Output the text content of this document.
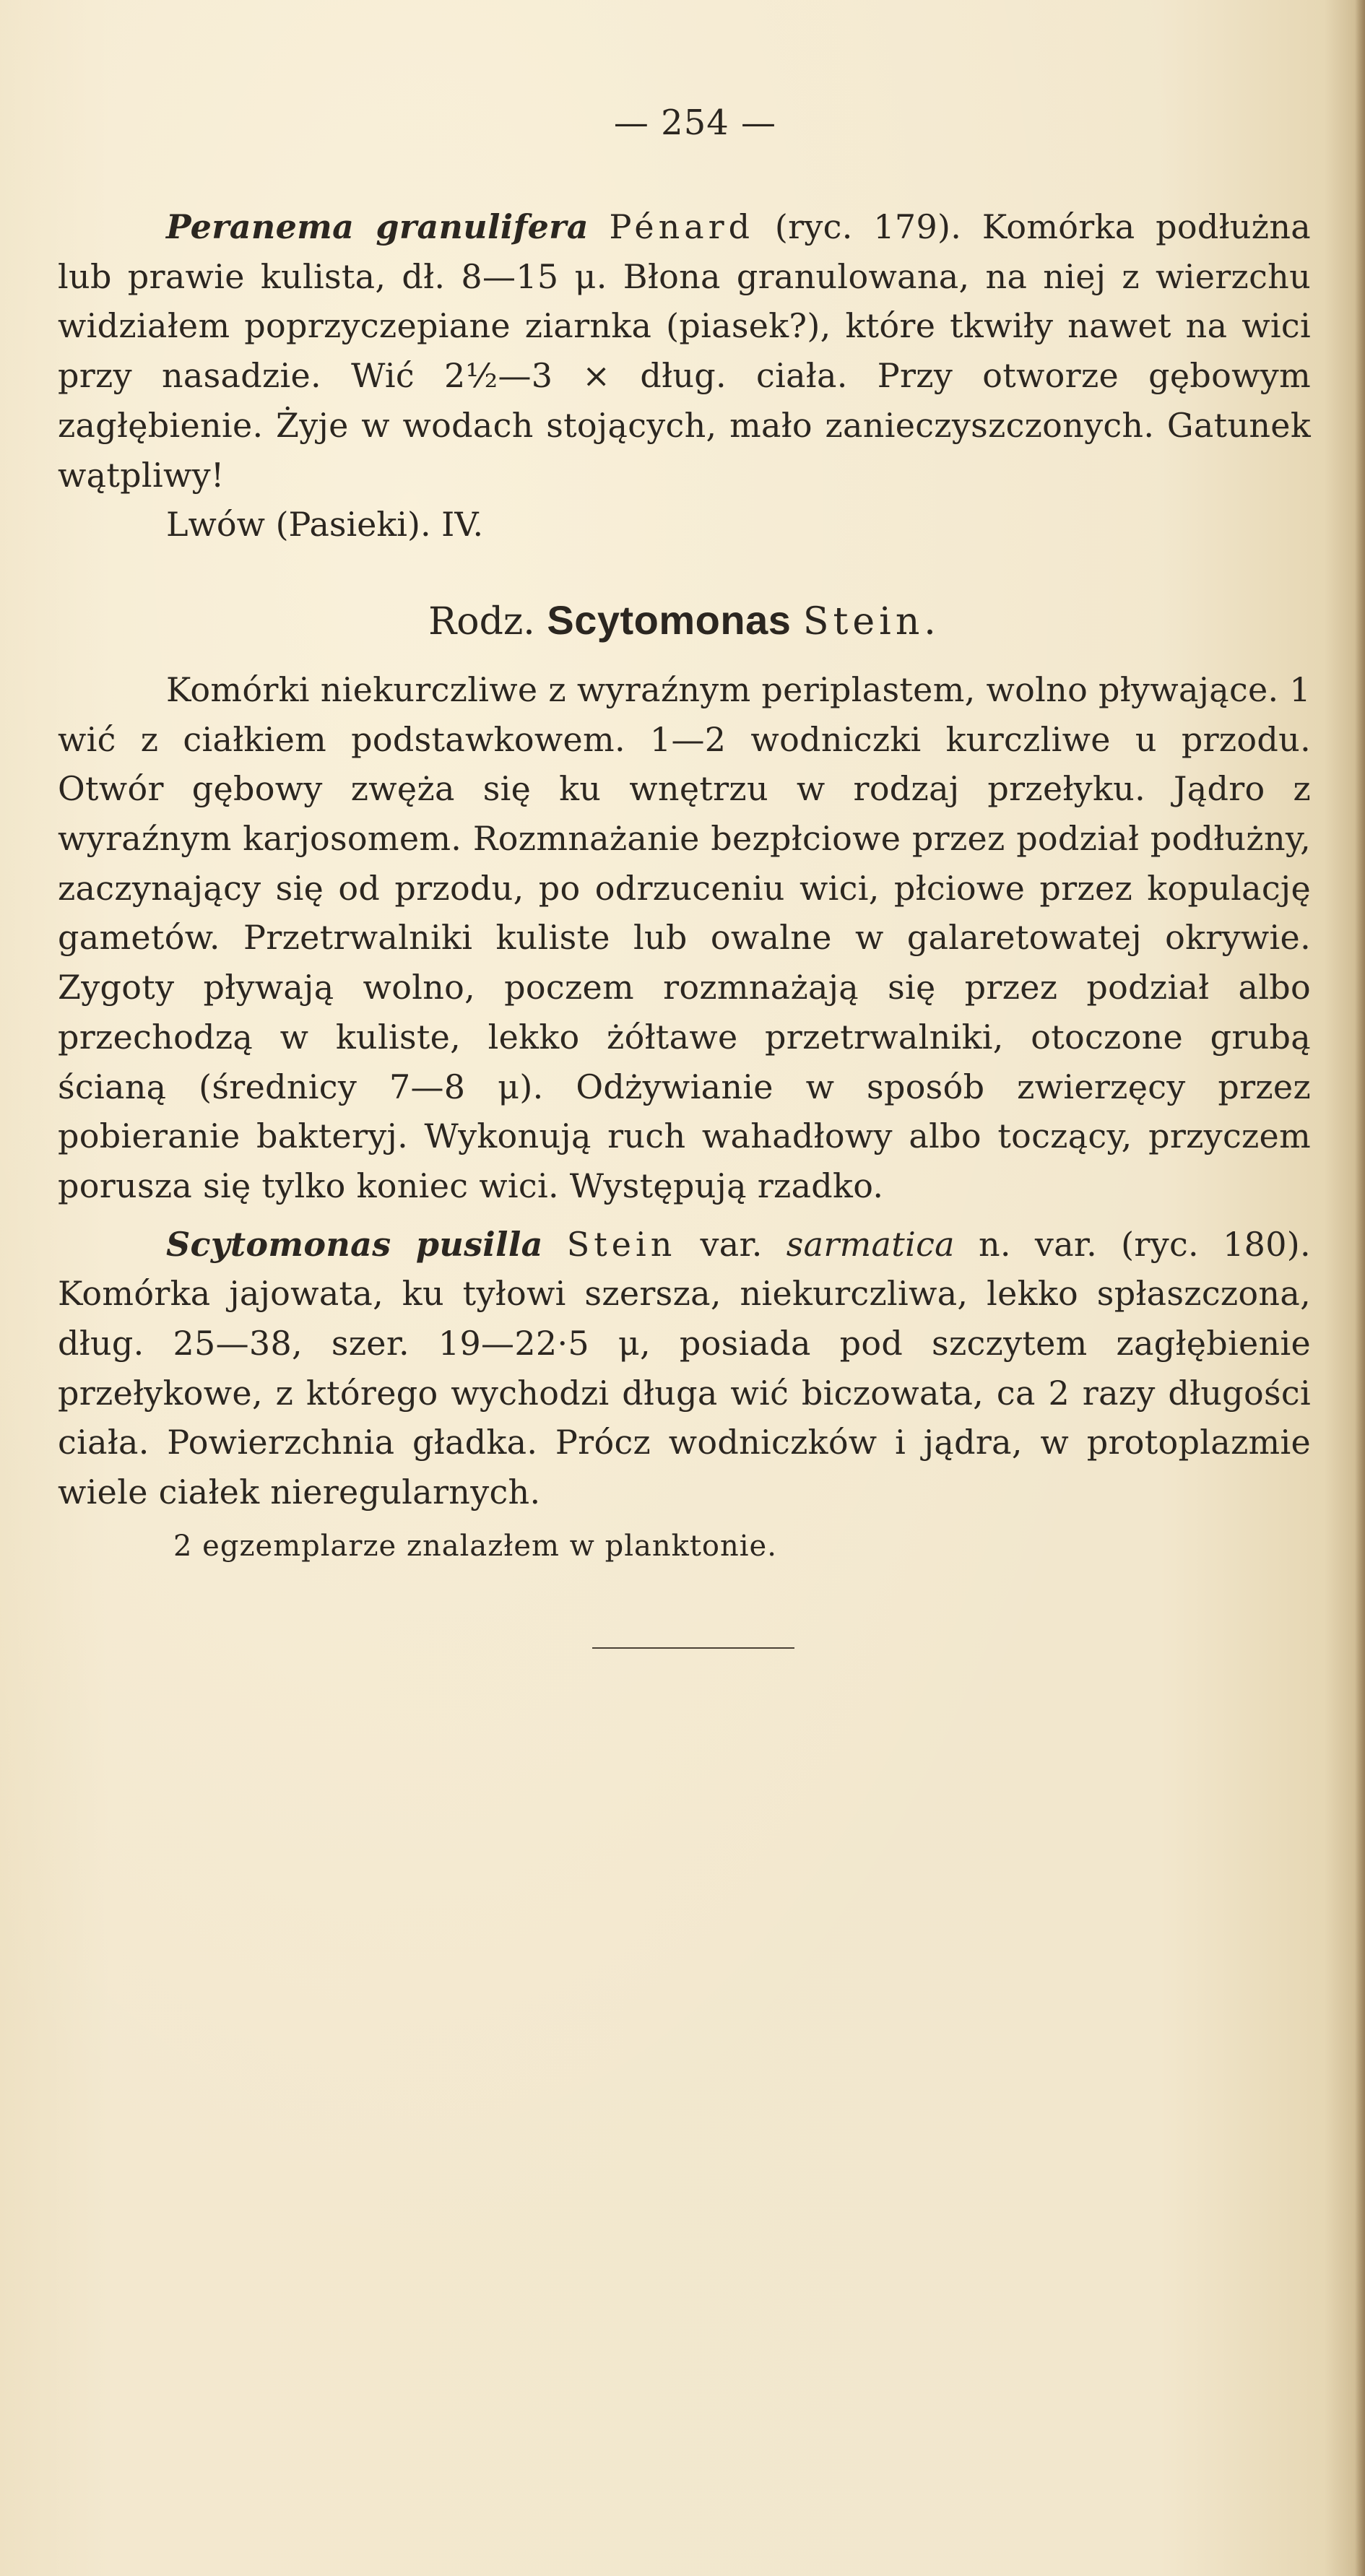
— 254 —

Peranema granulifera Pénard (ryc. 179). Komórka podłużna lub prawie kulista, dł. 8—15 μ. Błona granulowana, na niej z wierzchu widziałem poprzyczepiane ziarnka (piasek?), które tkwiły nawet na wici przy nasadzie. Wić 2½—3 × dług. ciała. Przy otworze gębowym zagłębienie. Żyje w wodach stojących, mało zanieczyszczonych. Gatunek wątpliwy!

Lwów (Pasieki). IV.
Rodz. Scytomonas Stein.

Komórki niekurczliwe z wyraźnym periplastem, wolno pływające. 1 wić z ciałkiem podstawkowem. 1—2 wodniczki kurczliwe u przodu. Otwór gębowy zwęża się ku wnętrzu w rodzaj przełyku. Jądro z wyraźnym karjosomem. Rozmnażanie bezpłciowe przez podział podłużny, zaczynający się od przodu, po odrzuceniu wici, płciowe przez kopulację gametów. Przetrwalniki kuliste lub owalne w galaretowatej okrywie. Zygoty pływają wolno, poczem rozmnażają się przez podział albo przechodzą w kuliste, lekko żółtawe przetrwalniki, otoczone grubą ścianą (średnicy 7—8 μ). Odżywianie w sposób zwierzęcy przez pobieranie bakteryj. Wykonują ruch wahadłowy albo toczący, przyczem porusza się tylko koniec wici. Występują rzadko.

Scytomonas pusilla Stein var. sarmatica n. var. (ryc. 180). Komórka jajowata, ku tyłowi szersza, niekurczliwa, lekko spłaszczona, dług. 25—38, szer. 19—22·5 μ, posiada pod szczytem zagłębienie przełykowe, z którego wychodzi długa wić biczowata, ca 2 razy długości ciała. Powierzchnia gładka. Prócz wodniczków i jądra, w protoplazmie wiele ciałek nieregularnych.

2 egzemplarze znalazłem w planktonie.
